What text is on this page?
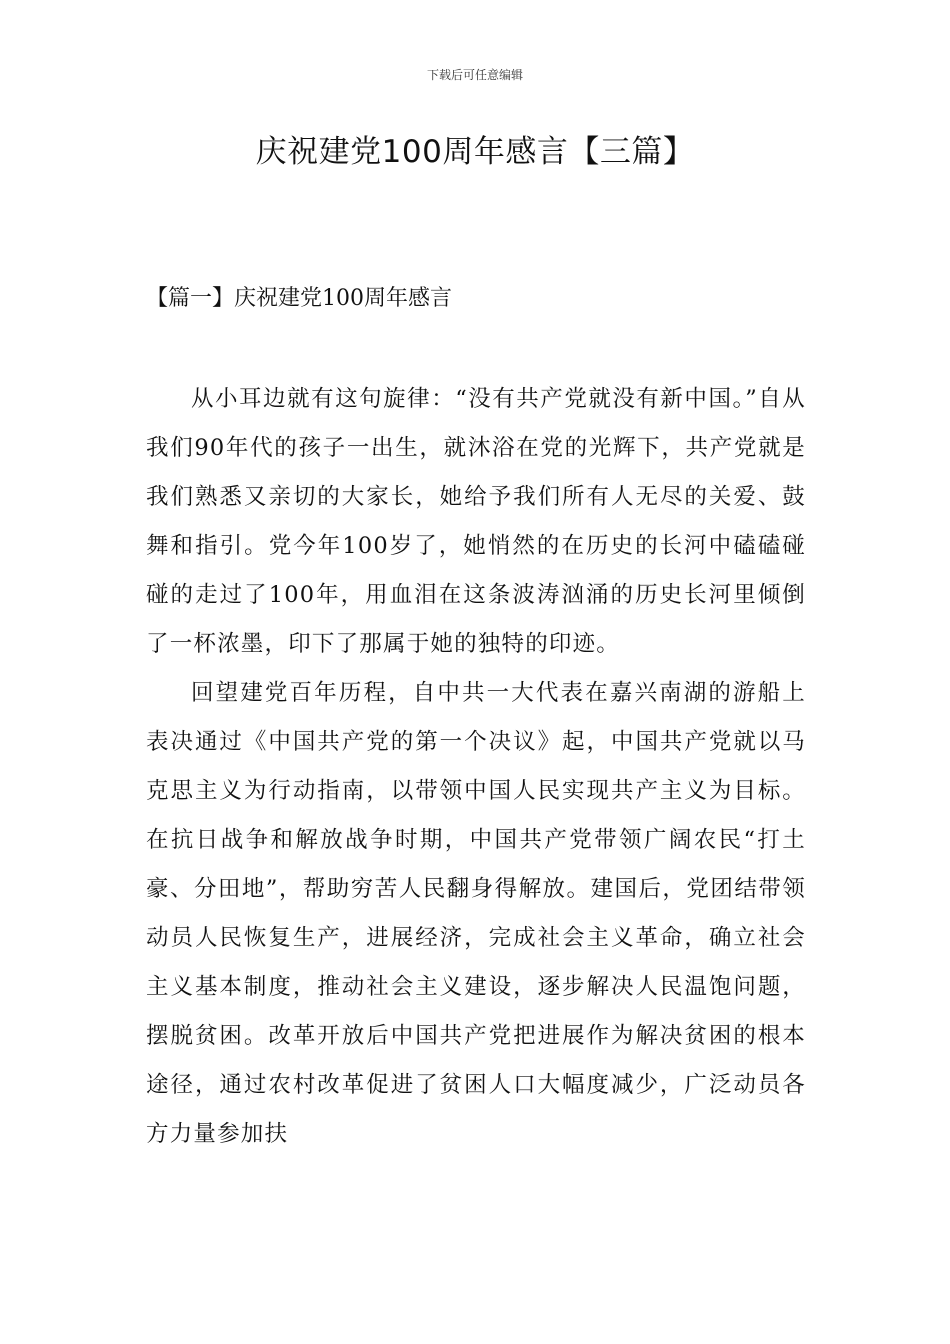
下载后可任意编辑
庆祝建党100周年感言【三篇】
【篇一】庆祝建党100周年感言

从小耳边就有这句旋律：“没有共产党就没有新中国。”自从我们90年代的孩子一出生，就沐浴在党的光辉下，共产党就是我们熟悉又亲切的大家长，她给予我们所有人无尽的关爱、鼓舞和指引。党今年100岁了，她悄然的在历史的长河中磕磕碰碰的走过了100年，用血泪在这条波涛汹涌的历史长河里倾倒了一杯浓墨，印下了那属于她的独特的印迹。

回望建党百年历程，自中共一大代表在嘉兴南湖的游船上表决通过《中国共产党的第一个决议》起，中国共产党就以马克思主义为行动指南，以带领中国人民实现共产主义为目标。在抗日战争和解放战争时期，中国共产党带领广阔农民“打土豪、分田地”，帮助穷苦人民翻身得解放。建国后，党团结带领动员人民恢复生产，进展经济，完成社会主义革命，确立社会主义基本制度，推动社会主义建设，逐步解决人民温饱问题，摆脱贫困。改革开放后中国共产党把进展作为解决贫困的根本途径，通过农村改革促进了贫困人口大幅度减少，广泛动员各方力量参加扶
